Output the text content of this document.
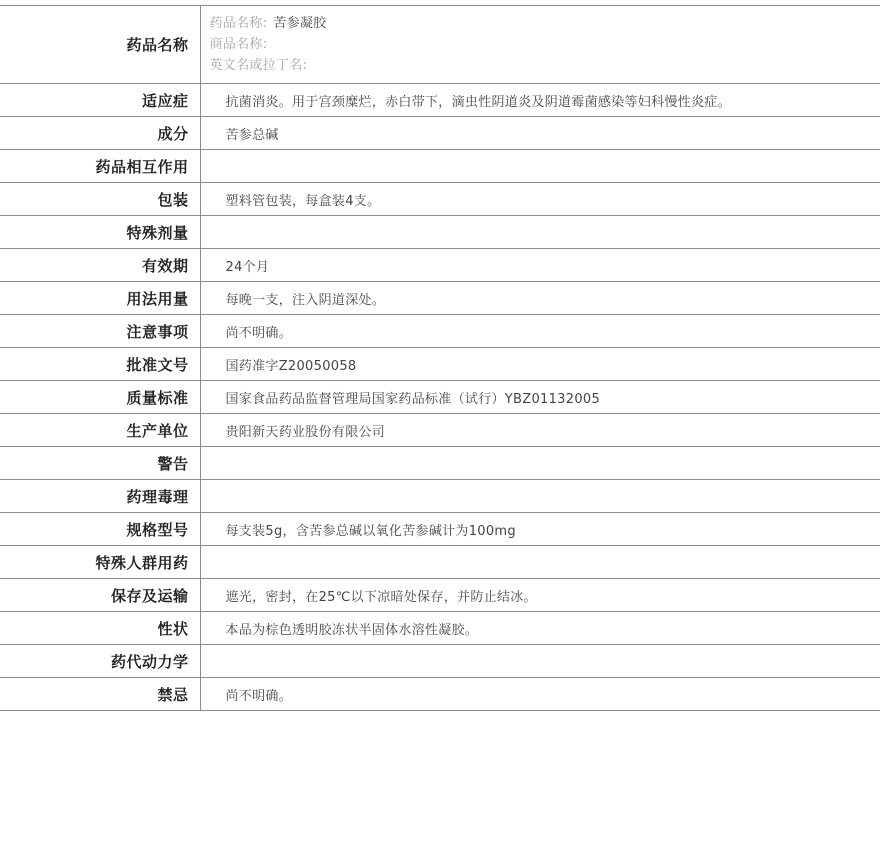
药品名称	药品名称: 苦参凝胶
商品名称:
英文名或拉丁名:

适应症	抗菌消炎。用于宫颈糜烂，赤白带下，滴虫性阴道炎及阴道霉菌感染等妇科慢性炎症。
成分	苦参总碱
药品相互作用	
包装	塑料管包装，每盒装4支。
特殊剂量	
有效期	24个月
用法用量	每晚一支，注入阴道深处。
注意事项	尚不明确。
批准文号	国药准字Z20050058
质量标准	国家食品药品监督管理局国家药品标准（试行）YBZ01132005
生产单位	贵阳新天药业股份有限公司
警告	
药理毒理	
规格型号	每支装5g，含苦参总碱以氧化苦参碱计为100mg
特殊人群用药	
保存及运输	遮光，密封，在25℃以下凉暗处保存，并防止结冰。
性状	本品为棕色透明胶冻状半固体水溶性凝胶。
药代动力学	
禁忌	尚不明确。
